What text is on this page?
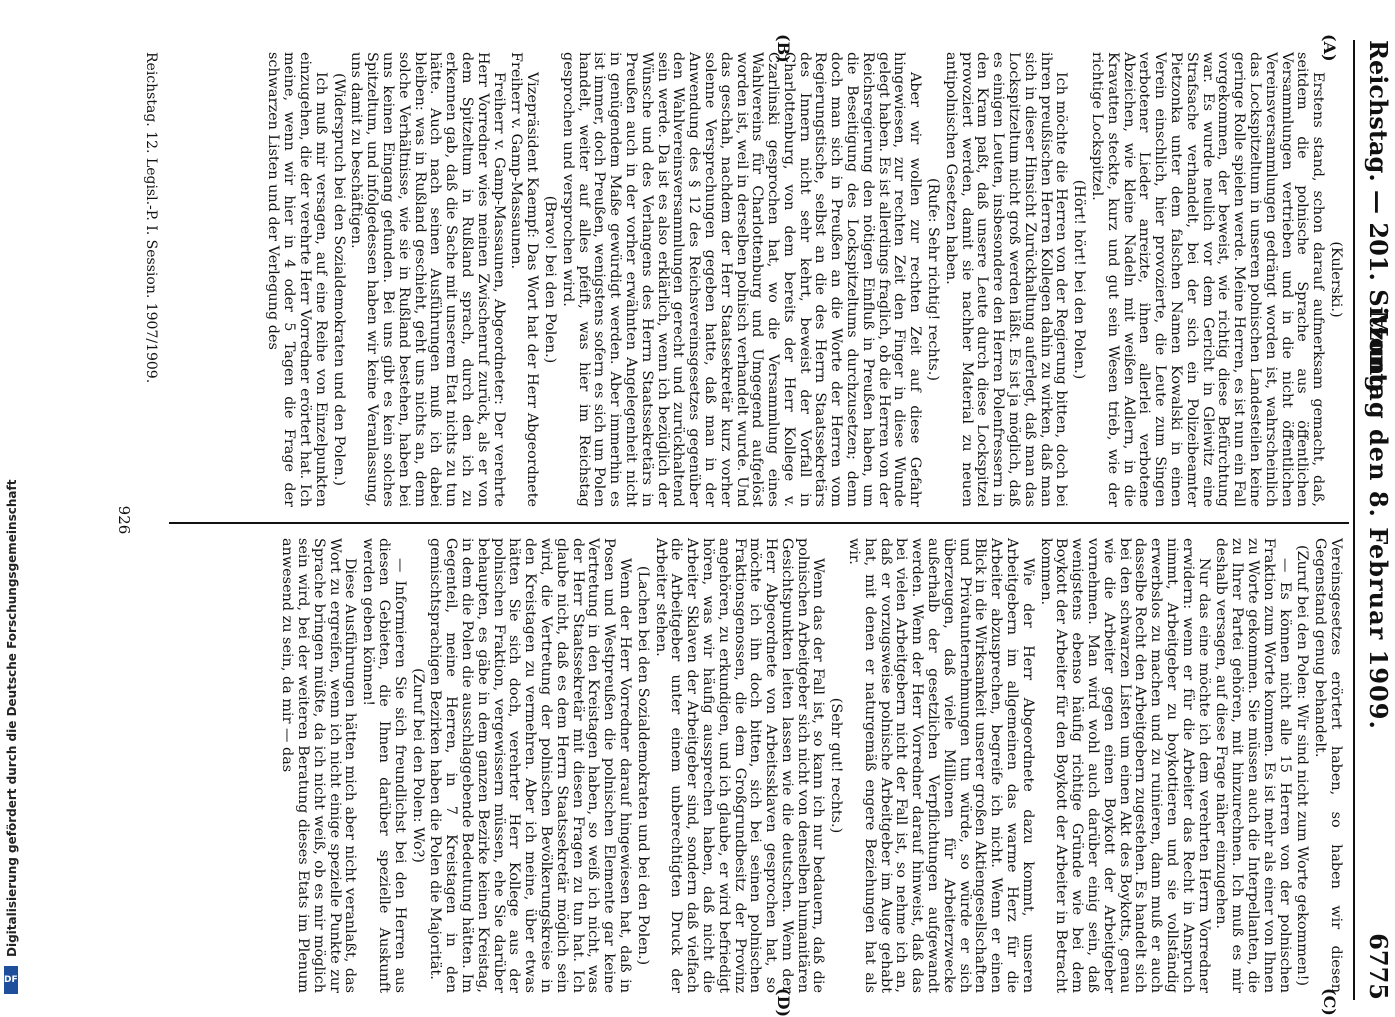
Digitalisierung gefördert durch die Deutsche Forschungsgemeinschaft
DFG
Reichstag. — 201. Sitzung.
Montag den 8. Februar 1909.
6775
(A)
(B)
(C)
(D)

(Kulerski.)

Erstens stand, schon darauf aufmerksam gemacht, daß, seitdem die polnische Sprache aus öffentlichen Versammlungen vertrieben und in die nicht öffentlichen Vereinsversammlungen gedrängt worden ist, wahrscheinlich das Lockspitzeltum in unseren polnischen Landesteilen keine geringe Rolle spielen werde. Meine Herren, es ist nun ein Fall vorgekommen, der beweist, wie richtig diese Befürchtung war. Es wurde neulich vor dem Gericht in Gleiwitz eine Strafsache verhandelt, bei der sich ein Polizeibeamter Pietzonka unter dem falschen Namen Kowalski in einen Verein einschlich, hier provozierte, die Leute zum Singen verbotener Lieder anreizte, ihnen allerlei verbotene Abzeichen, wie kleine Nadeln mit weißen Adlern, in die Kravatten steckte, kurz und gut sein Wesen trieb, wie der richtige Lockspitzel.

(Hört! hört! bei den Polen.)

Ich möchte die Herren von der Regierung bitten, doch bei ihren preußischen Herren Kollegen dahin zu wirken, daß man sich in dieser Hinsicht Zurückhaltung auferlegt, daß man das Lockspitzeltum nicht groß werden läßt. Es ist ja möglich, daß es einigen Leuten, insbesondere den Herren Polenfressern in den Kram paßt, daß unsere Leute durch diese Lockspitzel provoziert werden, damit sie nachher Material zu neuen antipolnischen Gesetzen haben.

(Rufe: Sehr richtig! rechts.)

Aber wir wollen zur rechten Zeit auf diese Gefahr hingewiesen, zur rechten Zeit den Finger in diese Wunde gelegt haben. Es ist allerdings fraglich, ob die Herren von der Reichsregierung den nötigen Einfluß in Preußen haben, um die Beseitigung des Lockspitzeltums durchzusetzen; denn doch man sich in Preußen an die Worte der Herren vom Regierungstische, selbst an die des Herrn Staatssekretärs des Innern nicht sehr kehrt, beweist der Vorfall in Charlottenburg, von dem bereits der Herr Kollege v. Czarlinski gesprochen hat, wo die Versammlung eines Wahlvereins für Charlottenburg und Umgegend aufgelöst worden ist, weil in derselben polnisch verhandelt wurde. Und das geschah, nachdem der Herr Staatssekretär kurz vorher solenne Versprechungen gegeben hatte, daß man in der Anwendung des § 12 des Reichsvereinsgesetzes gegenüber den Wahlvereinsversammlungen gerecht und zurückhaltend sein werde. Da ist es also erklärlich, wenn ich bezüglich der Wünsche und des Verlangens des Herrn Staatssekretärs in Preußen auch in der vorher erwähnten Angelegenheit nicht in genügendem Maße gewürdigt werden. Aber immerhin es ist immer, doch Preußen, wenigstens sofern es sich um Polen handelt, weiter auf alles pfeift, was hier im Reichstag gesprochen und versprochen wird.

(Bravo! bei den Polen.)

Vizepräsident Kaempf: Das Wort hat der Herr Abgeordnete Freiherr v. Gamp-Massaunen.

Freiherr v. Gamp-Massaunen, Abgeordneter: Der verehrte Herr Vorredner wies meinen Zwischenruf zurück, als er von dem Spitzeltum in Rußland sprach, durch den ich zu erkennen gab, daß die Sache mit unserem Etat nichts zu tun hätte. Auch nach seinen Ausführungen muß ich dabei bleiben: was in Rußland geschieht, geht uns nichts an, denn solche Verhältnisse, wie sie in Rußland bestehen, haben bei uns keinen Eingang gefunden. Bei uns gibt es kein solches Spitzeltum, und infolgedessen haben wir keine Veranlassung, uns damit zu beschäftigen.

(Widerspruch bei den Sozialdemokraten und den Polen.)

Ich muß mir versagen, auf eine Reihe von Einzelpunkten einzugehen, die der verehrte Herr Vorredner erörtert hat. Ich meine, wenn wir hier in 4 oder 5 Tagen die Frage der schwarzen Listen und der Verlegung des

Vereinsgesetzes erörtert haben, so haben wir diesen Gegenstand genug behandelt.

(Zuruf bei den Polen: Wir sind nicht zum Worte gekommen!)

— Es können nicht alle 15 Herren von der polnischen Fraktion zum Worte kommen. Es ist mehr als einer von Ihnen zu Worte gekommen. Sie müssen auch die Interpellanten, die zu Ihrer Partei gehören, mit hinzurechnen. Ich muß es mir deshalb versagen, auf diese Frage näher einzugehen.

Nur das eine möchte ich dem verehrten Herrn Vorredner erwidern: wenn er für die Arbeiter das Recht in Anspruch nimmt, Arbeitgeber zu boykottieren und sie vollständig erwerbslos zu machen und zu ruinieren, dann muß er auch dasselbe Recht den Arbeitgebern zugestehen. Es handelt sich bei den schwarzen Listen um einen Akt des Boykotts, genau wie die Arbeiter gegen einen Boykott der Arbeitgeber vornehmen. Man wird wohl auch darüber einig sein, daß wenigstens ebenso häufig richtige Gründe wie bei dem Boykott der Arbeiter für den Boykott der Arbeiter in Betracht kommen.

Wie der Herr Abgeordnete dazu kommt, unseren Arbeitgebern im allgemeinen das warme Herz für die Arbeiter abzusprechen, begreife ich nicht. Wenn er einen Blick in die Wirksamkeit unserer großen Aktiengesellschaften und Privatunternehmungen tun würde, so würde er sich überzeugen, daß viele Millionen für Arbeiterzwecke außerhalb der gesetzlichen Verpflichtungen aufgewandt werden. Wenn der Herr Vorredner darauf hinweist, daß das bei vielen Arbeitgebern nicht der Fall ist, so nehme ich an, daß er vorzugsweise polnische Arbeitgeber im Auge gehabt hat, mit denen er naturgemäß engere Beziehungen hat als wir.

(Sehr gut! rechts.)

Wenn das der Fall ist, so kann ich nur bedauern, daß die polnischen Arbeitgeber sich nicht von denselben humanitären Gesichtspunkten leiten lassen wie die deutschen. Wenn der Herr Abgeordnete von Arbeitssklaven gesprochen hat, so möchte ich ihn doch bitten, sich bei seinen polnischen Fraktionsgenossen, die dem Großgrundbesitz der Provinz angehören, zu erkundigen, und ich glaube, er wird befriedigt hören, was wir häufig aussprechen haben, daß nicht die Arbeiter Sklaven der Arbeitgeber sind, sondern daß vielfach die Arbeitgeber unter einem unberechtigten Druck der Arbeiter stehen.

(Lachen bei den Sozialdemokraten und bei den Polen.)

Wenn der Herr Vorredner darauf hingewiesen hat, daß in Posen und Westpreußen die polnischen Elemente gar keine Vertretung in den Kreistagen haben, so weiß ich nicht, was der Herr Staatssekretär mit diesen Fragen zu tun hat. Ich glaube nicht, daß es dem Herrn Staatssekretär möglich sein wird, die Vertretung der polnischen Bevölkerungskreise in den Kreistagen zu vermehren. Aber ich meine, über etwas hätten Sie sich doch, verehrter Herr Kollege aus der polnischen Fraktion, vergewissern müssen, ehe Sie darüber behaupten, es gäbe in dem ganzen Bezirke keinen Kreistag, in dem die Polen die ausschlaggebende Bedeutung hätten. Im Gegenteil, meine Herren, in 7 Kreistagen in den gemischtsprachigen Bezirken haben die Polen die Majorität.

(Zuruf bei den Polen: Wo?)

— Informieren Sie sich freundlichst bei den Herren aus diesen Gebieten, die Ihnen darüber spezielle Auskunft werden geben können!

Diese Ausführungen hätten mich aber nicht veranlaßt, das Wort zu ergreifen, wenn ich nicht einige spezielle Punkte zur Sprache bringen müßte, da ich nicht weiß, ob es mir möglich sein wird, bei der weiteren Beratung dieses Etats im Plenum anwesend zu sein, da mir — das

Reichstag. 12. Legisl.-P. I. Session. 1907/1909.
926
